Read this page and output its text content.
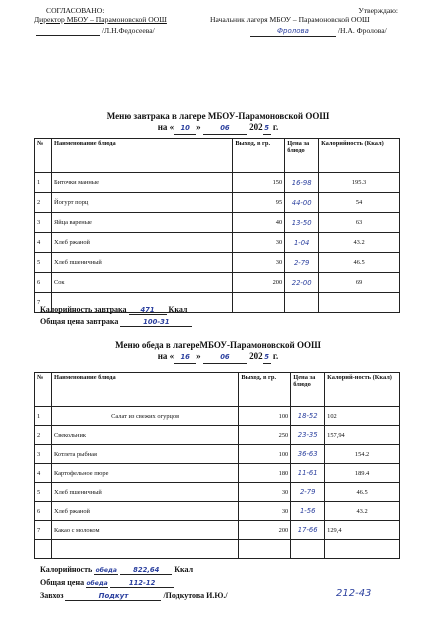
СОГЛАСОВАНО:
Директор МБОУ – Парамоновской ООШ
/Л.Н.Федосеева/
Утверждаю:
Начальник лагеря МБОУ – Парамоновской ООШ
Фролова	/Н.А. Фролова/
Меню завтрака в лагере МБОУ-Парамоновской ООШ
на « 10 »	06 202 5 г.
№	Наименование блюда	Выход, в гр.	Цена за блюдо	Калорийность (Ккал)
1	Биточки манные	150	16-98	195.3
2	Йогурт порц	95	44-00	54
3	Яйца вареные	40	13-50	63
4	Хлеб ржаной	30	1-04	43.2
5	Хлеб пшеничный	30	2-79	46.5
6	Сок	200	22-00	69
7				
Калорийность завтрака 471 Ккал
Общая цена завтрака	100-31
Меню обеда в лагереМБОУ-Парамоновской ООШ
на « 16 »	06 202 5 г.
№	Наименование блюда	Выход, в гр.	Цена за блюдо	Калорий-ность (Ккал)
1	Салат из свежих огурцов	100	18-52	102
2	Свекольник	250	23-35	157,94
3	Котлета рыбная	100	36-63	154.2
4	Картофельное пюре	180	11-61	189.4
5	Хлеб пшеничный	30	2-79	46.5
6	Хлеб ржаной	30	1-56	43.2
7	Какао с молоком	200	17-66	129,4

Калорийность обеда 822,64 Ккал
Общая цена обеда	112-12
Завхоз	Подкут	/Подкутова И.Ю./	212-43
